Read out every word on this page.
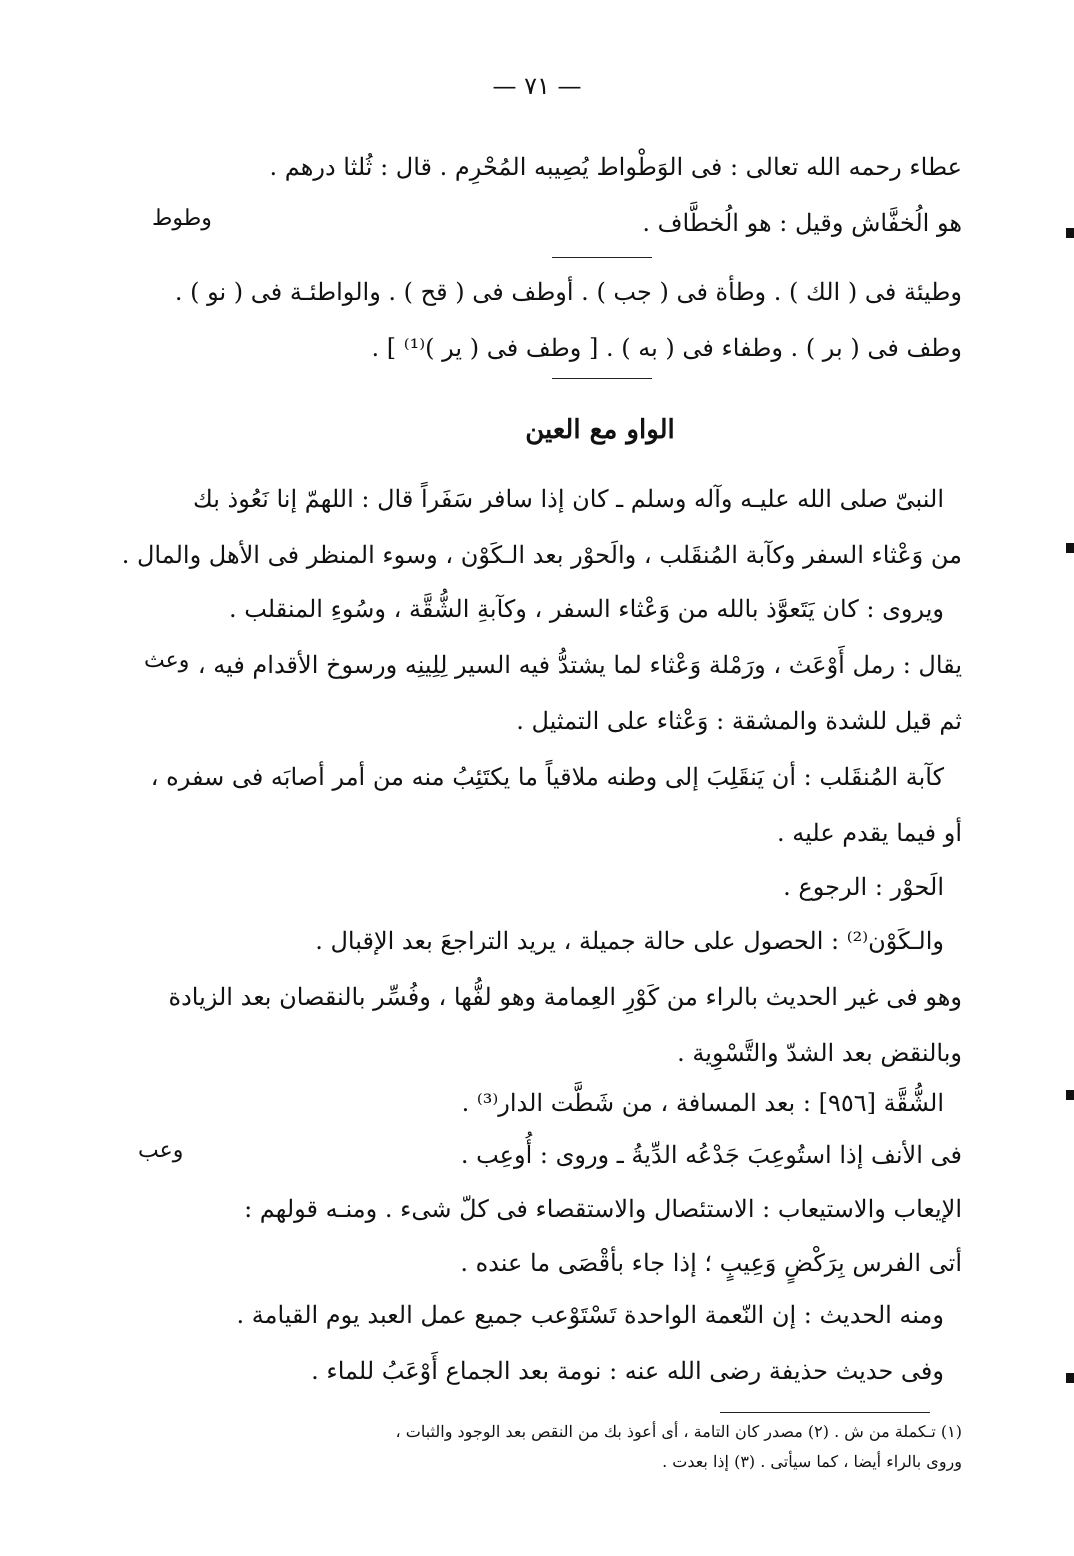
— ٧١ —
عطاء رحمه الله تعالى : فى الوَطْواط يُصِيبه المُحْرِم . قال : ثُلثا درهم .
هو الُخفَّاش وقيل : هو الُخطَّاف .
وطوط
وطيئة فى ( الك ) . وطأة فى ( جب ) . أوطف فى ( قح ) . والواطئـة فى ( نو ) .
وطف فى ( بر ) . وطفاء فى ( به ) . [ وطف فى ( ير )⁽¹⁾ ] .
الواو مع العين
النبىّ صلى الله عليـه وآله وسلم ـ كان إذا سافر سَفَراً قال : اللهمّ إنا نَعُوذ بك
من وَعْثاء السفر وكآبة المُنقَلب ، والَحوْر بعد الـكَوْن ، وسوء المنظر فى الأهل والمال .
ويروى : كان يَتَعوَّذ بالله من وَعْثاء السفر ، وكآبةِ الشُّقَّة ، وسُوءِ المنقلب .
يقال : رمل أَوْعَث ، ورَمْلة وَعْثاء لما يشتدُّ فيه السير لِلِينِه ورسوخ الأقدام فيه ،
وعث
ثم قيل للشدة والمشقة : وَعْثاء على التمثيل .
كآبة المُنقَلب : أن يَنقَلِبَ إلى وطنه ملاقياً ما يكتَئِبُ منه من أمر أصابَه فى سفره ،
أو فيما يقدم عليه .
الَحوْر : الرجوع .
والـكَوْن⁽²⁾ : الحصول على حالة جميلة ، يريد التراجعَ بعد الإقبال .
وهو فى غير الحديث بالراء من كَوْرِ العِمامة وهو لفُّها ، وفُسِّر بالنقصان بعد الزيادة
وبالنقض بعد الشدّ والتَّسْوِية .
الشُّقَّة [٩٥٦] : بعد المسافة ، من شَطَّت الدار⁽³⁾ .
فى الأنف إذا استُوعِبَ جَدْعُه الدِّيةُ ـ وروى : أُوعِب .
وعب
الإيعاب والاستيعاب : الاستئصال والاستقصاء فى كلّ شىء . ومنـه قولهم :
أتى الفرس بِرَكْضٍ وَعِيبٍ ؛ إذا جاء بأقْصَى ما عنده .
ومنه الحديث : إن النّعمة الواحدة تَسْتَوْعب جميع عمل العبد يوم القيامة .
وفى حديث حذيفة رضى الله عنه : نومة بعد الجماع أَوْعَبُ للماء .
(١) تـكملة من ش . (٢) مصدر كان التامة ، أى أعوذ بك من النقص بعد الوجود والثبات ،
وروى بالراء أيضا ، كما سيأتى . (٣) إذا بعدت .
